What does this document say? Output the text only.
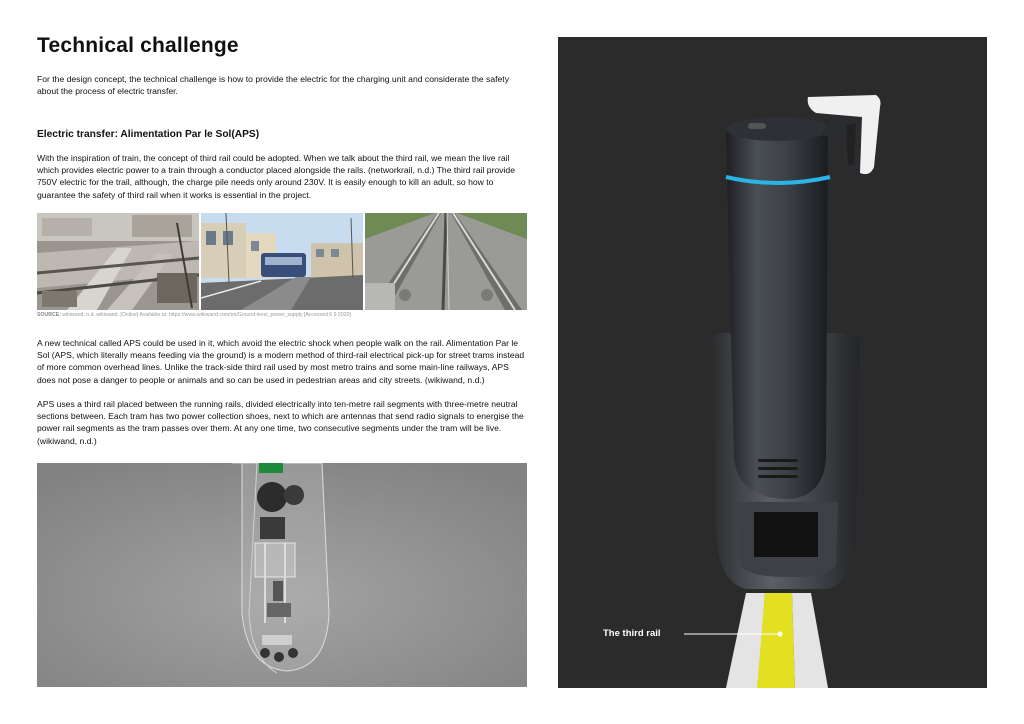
Technical challenge

For the design concept, the technical challenge is how to provide the electric for the charging unit and considerate the safety about the process of electric transfer.

Electric transfer: Alimentation Par le Sol(APS)

With the inspiration of train, the concept of third rail could be adopted. When we talk about the third rail, we mean the live rail which provides electric power to a train through a conductor placed alongside the rails. (networkrail, n.d.) The third rail provide 750V electric for the trail, although, the charge pile needs only around 230V. It is easily enough to kill an adult, so how to guarantee the safety of third rail when it works is essential in the project.

SOURCE: wikiwand, n.d. wikiwand. [Online] Available at: https://www.wikiwand.com/en/Ground-level_power_supply [Accessed 6 9 2020]

A new technical called APS could be used in it, which avoid the electric shock when people walk on the rail. Alimentation Par le Sol (APS, which literally means feeding via the ground) is a modern method of third-rail electrical pick-up for street trams instead of more common overhead lines. Unlike the track-side third rail used by most metro trains and some main-line railways, APS does not pose a danger to people or animals and so can be used in pedestrian areas and city streets. (wikiwand, n.d.)

APS uses a third rail placed between the running rails, divided electrically into ten-metre rail segments with three-metre neutral sections between. Each tram has two power collection shoes, next to which are antennas that send radio signals to energise the power rail segments as the tram passes over them. At any one time, two consecutive segments under the tram will be live. (wikiwand, n.d.)

The third rail
